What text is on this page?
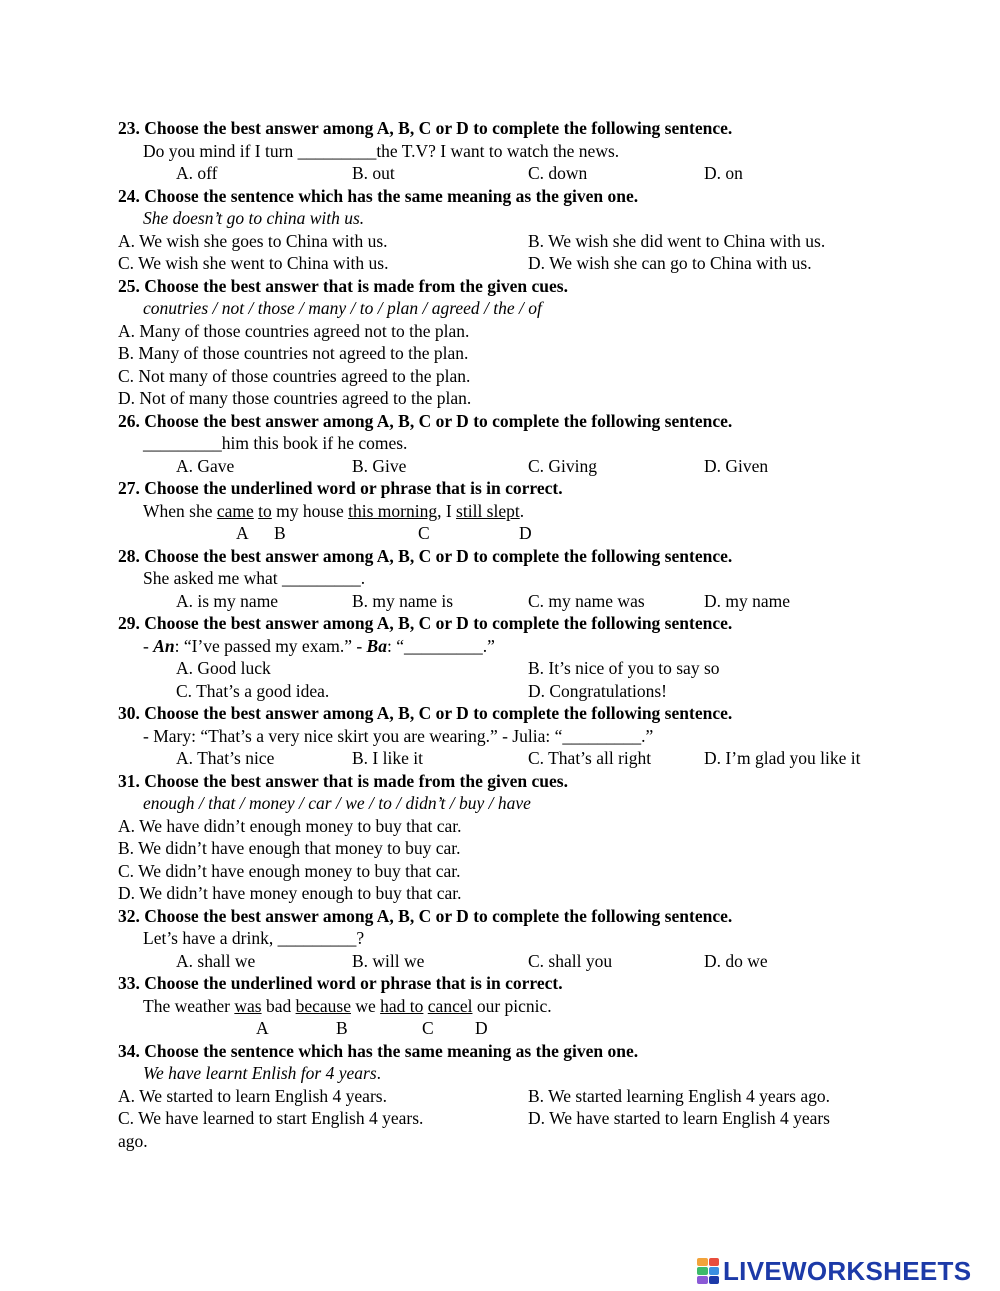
23. Choose the best answer among A, B, C or D to complete the following sentence.
Do you mind if I turn _________the T.V? I want to watch the news.
A. off	B. out	C. down	D. on
24. Choose the sentence which has the same meaning as the given one.
She doesn’t go to china with us.
A. We wish she goes to China with us.	B. We wish she did went to China with us.
C. We wish she went to China with us.	D. We wish she can go to China with us.
25. Choose the best answer that is made from the given cues.
conutries / not / those / many / to / plan / agreed / the / of
A. Many of those countries agreed not to the plan.
B. Many of those countries not agreed to the plan.
C. Not many of those countries agreed to the plan.
D. Not of many those countries agreed to the plan.
26. Choose the best answer among A, B, C or D to complete the following sentence.
_________him this book if he comes.
A. Gave	B. Give	C. Giving	D. Given
27. Choose the underlined word or phrase that is in correct.
When she came to my house this morning, I still slept.
A B	C	D
28. Choose the best answer among A, B, C or D to complete the following sentence.
She asked me what _________.
A. is my name	B. my name is	C. my name was	D. my name
29. Choose the best answer among A, B, C or D to complete the following sentence.
- An: “I’ve passed my exam.” - Ba: “_________.”
A. Good luck	B. It’s nice of you to say so
C. That’s a good idea.	D. Congratulations!
30. Choose the best answer among A, B, C or D to complete the following sentence.
- Mary: “That’s a very nice skirt you are wearing.” - Julia: “_________.”
A. That’s nice	B. I like it	C. That’s all right	D. I’m glad you like it
31. Choose the best answer that is made from the given cues.
enough / that / money / car / we / to / didn’t / buy / have
A. We have didn’t enough money to buy that car.
B. We didn’t have enough that money to buy car.
C. We didn’t have enough money to buy that car.
D. We didn’t have money enough to buy that car.
32. Choose the best answer among A, B, C or D to complete the following sentence.
Let’s have a drink, _________?
A. shall we	B. will we	C. shall you	D. do we
33. Choose the underlined word or phrase that is in correct.
The weather was bad because we had to cancel our picnic.
A	B	C D
34. Choose the sentence which has the same meaning as the given one.
We have learnt Enlish for 4 years.
A. We started to learn English 4 years.	B. We started learning English 4 years ago.
C. We have learned to start English 4 years.	D. We have started to learn English 4 years
ago.
LIVEWORKSHEETS
